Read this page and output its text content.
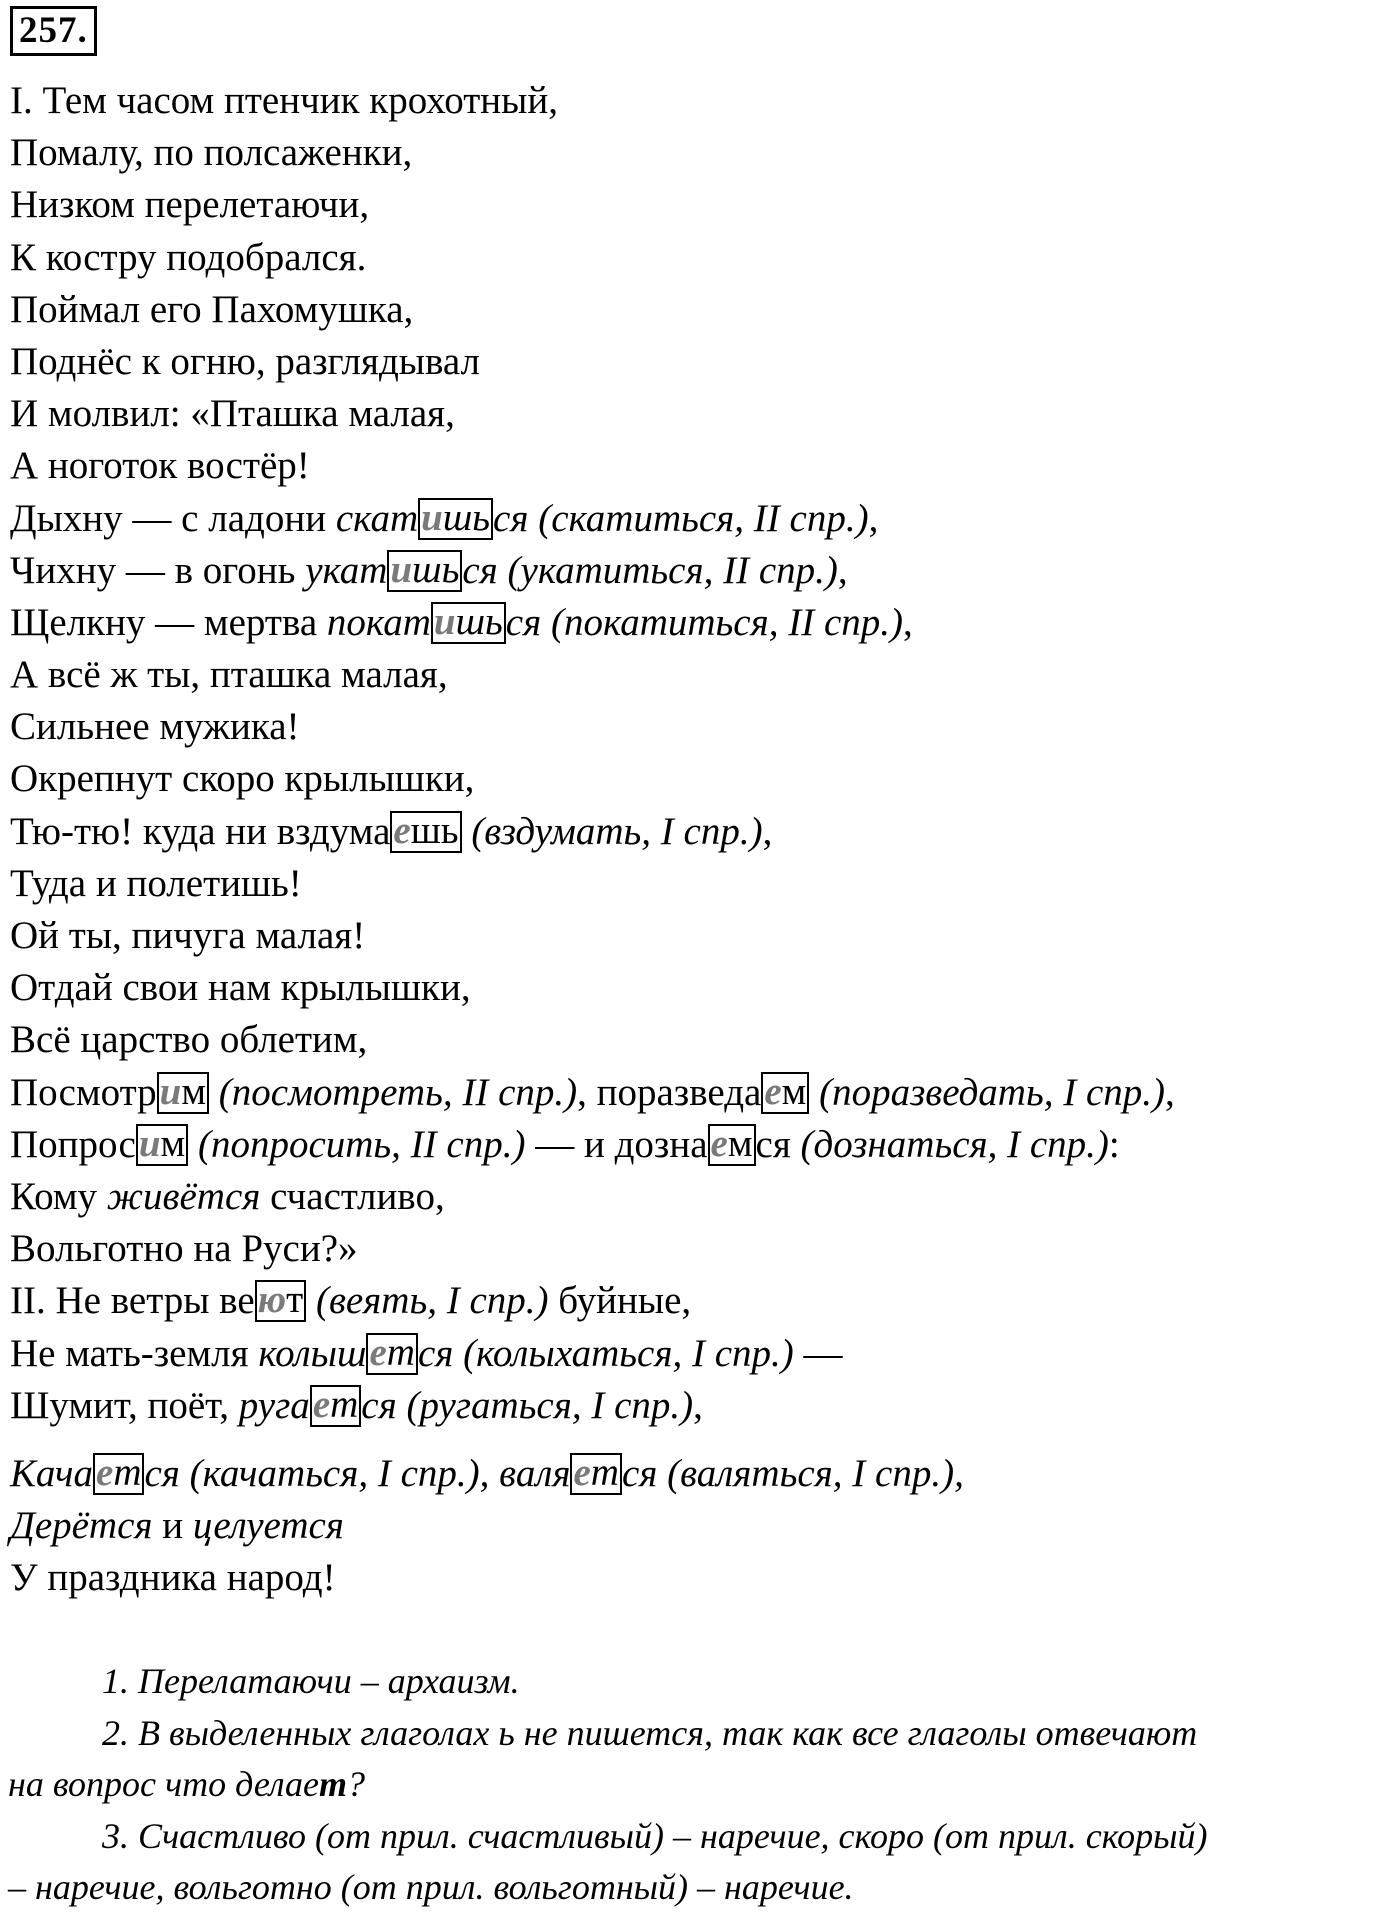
257.
I. Тем часом птенчик крохотный,
Помалу, по полсаженки,
Низком перелетаючи,
К костру подобрался.
Поймал его Пахомушка,
Поднёс к огню, разглядывал
И молвил: «Пташка малая,
А ноготок востёр!
Дыхну — с ладони скатишься (скатиться, II спр.),
Чихну — в огонь укатишься (укатиться, II спр.),
Щелкну — мертва покатишься (покатиться, II спр.),
А всё ж ты, пташка малая,
Сильнее мужика!
Окрепнут скоро крылышки,
Тю-тю! куда ни вздумаешь (вздумать, I спр.),
Туда и полетишь!
Ой ты, пичуга малая!
Отдай свои нам крылышки,
Всё царство облетим,
Посмотрим (посмотреть, II спр.), поразведаем (поразведать, I спр.),
Попросим (попросить, II спр.) — и дознаемся (дознаться, I спр.):
Кому живётся счастливо,
Вольготно на Руси?»
II. Не ветры веют (веять, I спр.) буйные,
Не мать-земля колышется (колыхаться, I спр.) —
Шумит, поёт, ругается (ругаться, I спр.),
Качается (качаться, I спр.), валяется (валяться, I спр.),
Дерётся и целуется
У праздника народ!
1. Перелатаючи – архаизм.
2. В выделенных глаголах ь не пишется, так как все глаголы отвечают
на вопрос что делает?
3. Счастливо (от прил. счастливый) – наречие, скоро (от прил. скорый)
– наречие, вольготно (от прил. вольготный) – наречие.
